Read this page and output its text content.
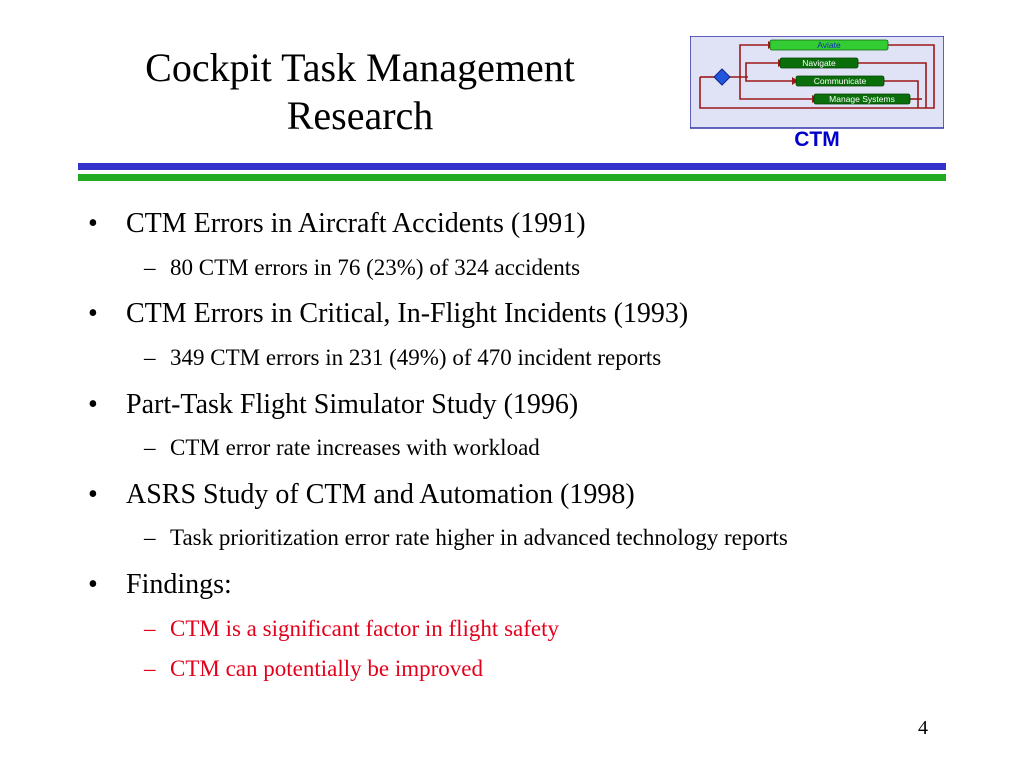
Cockpit Task Management
Research
Aviate
Navigate
Communicate
Manage Systems
CTM
• CTM Errors in Aircraft Accidents (1991)
– 80 CTM errors in 76 (23%) of 324 accidents
• CTM Errors in Critical, In-Flight Incidents (1993)
– 349 CTM errors in 231 (49%) of 470 incident reports
• Part-Task Flight Simulator Study (1996)
– CTM error rate increases with workload
• ASRS Study of CTM and Automation (1998)
– Task prioritization error rate higher in advanced technology reports
• Findings:
– CTM is a significant factor in flight safety
– CTM can potentially be improved
4
